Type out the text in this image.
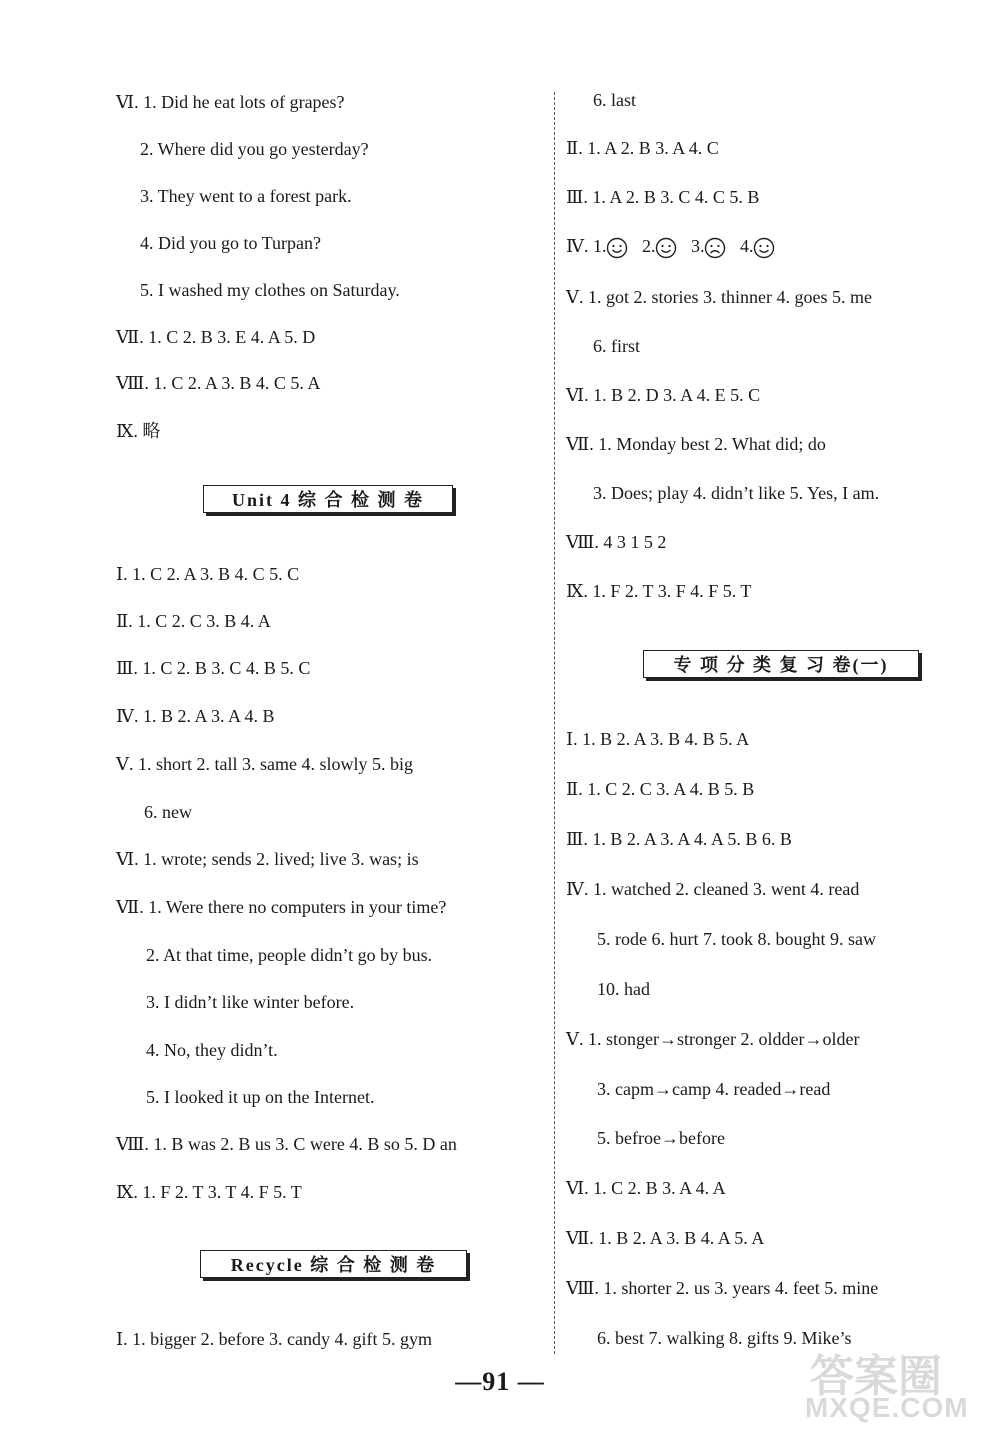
Ⅵ. 1. Did he eat lots of grapes?
2. Where did you go yesterday?
3. They went to a forest park.
4. Did you go to Turpan?
5. I washed my clothes on Saturday.
Ⅶ. 1. C 2. B 3. E 4. A 5. D
Ⅷ. 1. C 2. A 3. B 4. C 5. A
Ⅸ. 略
Unit 4 综 合 检 测 卷
Ⅰ. 1. C 2. A 3. B 4. C 5. C
Ⅱ. 1. C 2. C 3. B 4. A
Ⅲ. 1. C 2. B 3. C 4. B 5. C
Ⅳ. 1. B 2. A 3. A 4. B
Ⅴ. 1. short 2. tall 3. same 4. slowly 5. big
6. new
Ⅵ. 1. wrote; sends 2. lived; live 3. was; is
Ⅶ. 1. Were there no computers in your time?
2. At that time, people didn’t go by bus.
3. I didn’t like winter before.
4. No, they didn’t.
5. I looked it up on the Internet.
Ⅷ. 1. B was 2. B us 3. C were 4. B so 5. D an
Ⅸ. 1. F 2. T 3. T 4. F 5. T
Recycle 综 合 检 测 卷
Ⅰ. 1. bigger 2. before 3. candy 4. gift 5. gym
6. last
Ⅱ. 1. A 2. B 3. A 4. C
Ⅲ. 1. A 2. B 3. C 4. C 5. B
Ⅳ. 1. 2. 3. 4.
Ⅴ. 1. got 2. stories 3. thinner 4. goes 5. me
6. first
Ⅵ. 1. B 2. D 3. A 4. E 5. C
Ⅶ. 1. Monday best 2. What did; do
3. Does; play 4. didn’t like 5. Yes, I am.
Ⅷ. 4 3 1 5 2
Ⅸ. 1. F 2. T 3. F 4. F 5. T
专 项 分 类 复 习 卷(一)
Ⅰ. 1. B 2. A 3. B 4. B 5. A
Ⅱ. 1. C 2. C 3. A 4. B 5. B
Ⅲ. 1. B 2. A 3. A 4. A 5. B 6. B
Ⅳ. 1. watched 2. cleaned 3. went 4. read
5. rode 6. hurt 7. took 8. bought 9. saw
10. had
Ⅴ. 1. stonger→stronger 2. oldder→older
3. capm→camp 4. readed→read
5. befroe→before
Ⅵ. 1. C 2. B 3. A 4. A
Ⅶ. 1. B 2. A 3. B 4. A 5. A
Ⅷ. 1. shorter 2. us 3. years 4. feet 5. mine
6. best 7. walking 8. gifts 9. Mike’s
—91 —	答案圈
MXQE.COM
